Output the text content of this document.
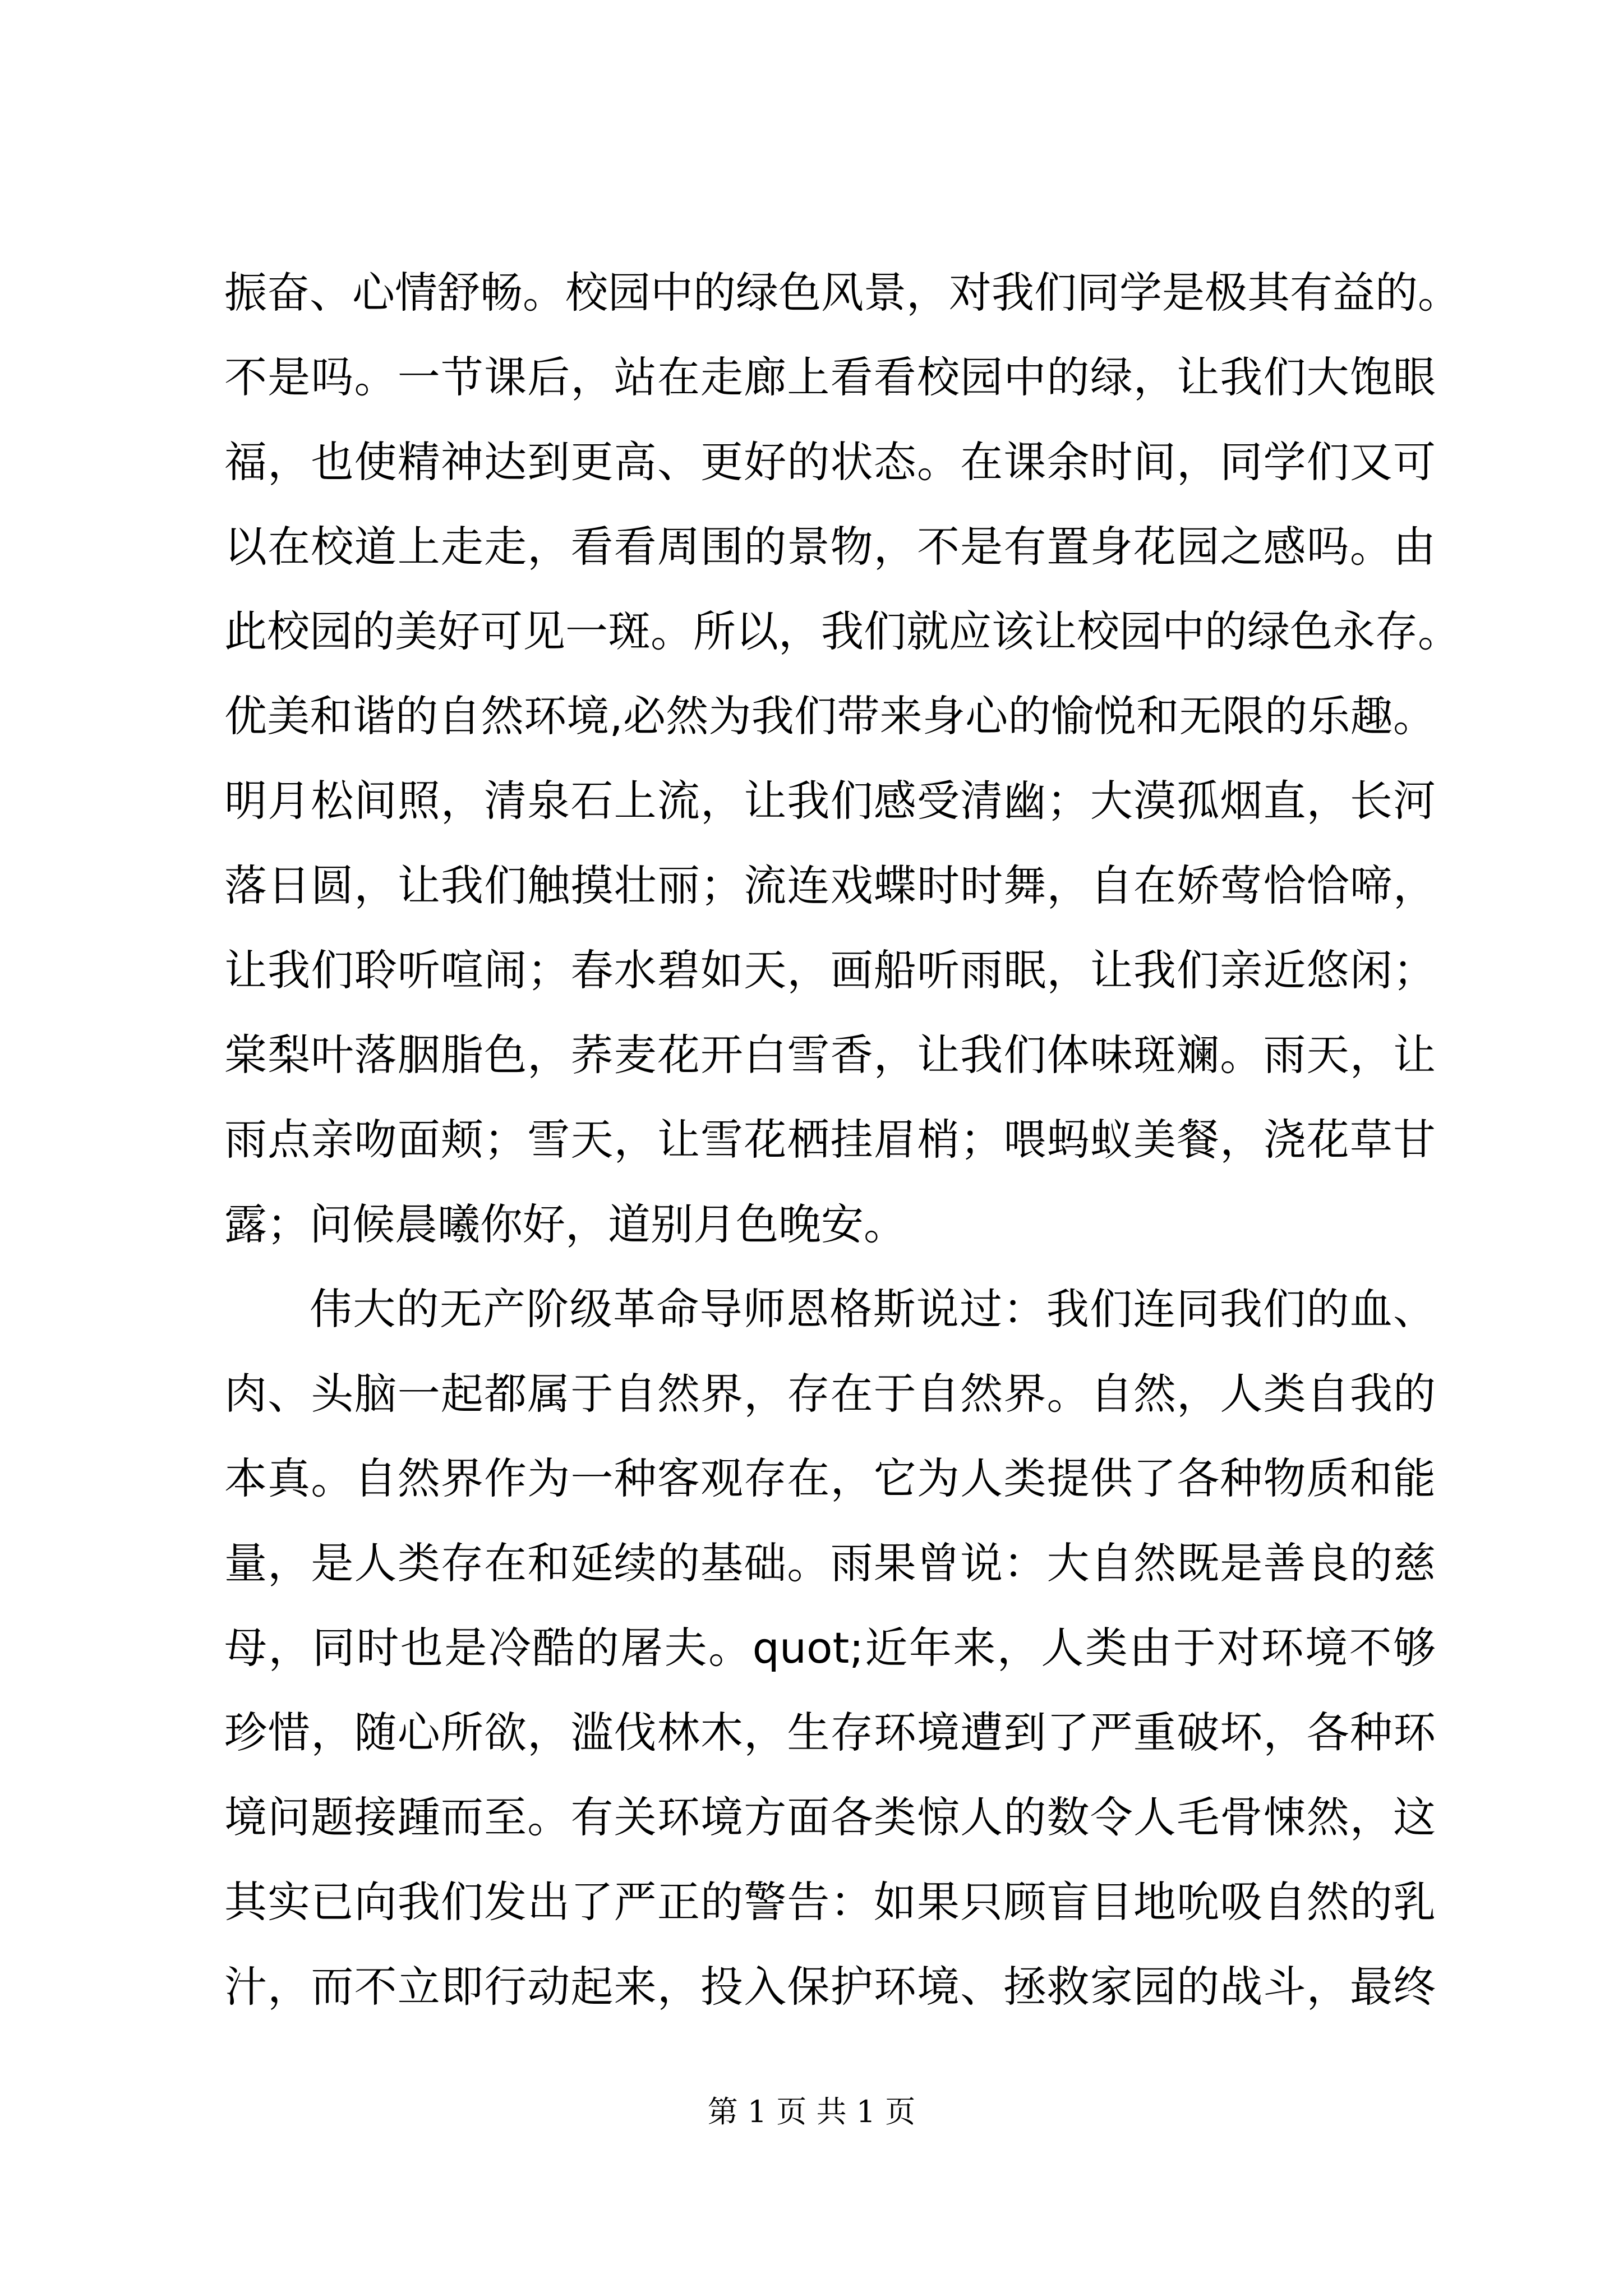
振奋、心情舒畅。校园中的绿色风景，对我们同学是极其有益的。
不是吗。一节课后，站在走廊上看看校园中的绿，让我们大饱眼
福，也使精神达到更高、更好的状态。在课余时间，同学们又可
以在校道上走走，看看周围的景物，不是有置身花园之感吗。由
此校园的美好可见一斑。所以，我们就应该让校园中的绿色永存。
优美和谐的自然环境,必然为我们带来身心的愉悦和无限的乐趣。
明月松间照，清泉石上流，让我们感受清幽；大漠孤烟直，长河
落日圆，让我们触摸壮丽；流连戏蝶时时舞，自在娇莺恰恰啼，
让我们聆听喧闹；春水碧如天，画船听雨眠，让我们亲近悠闲；
棠梨叶落胭脂色，荞麦花开白雪香，让我们体味斑斓。雨天，让
雨点亲吻面颊；雪天，让雪花栖挂眉梢；喂蚂蚁美餐，浇花草甘
露；问候晨曦你好，道别月色晚安。
伟大的无产阶级革命导师恩格斯说过：我们连同我们的血、
肉、头脑一起都属于自然界，存在于自然界。自然，人类自我的
本真。自然界作为一种客观存在，它为人类提供了各种物质和能
量，是人类存在和延续的基础。雨果曾说：大自然既是善良的慈
母，同时也是冷酷的屠夫。quot;近年来，人类由于对环境不够
珍惜，随心所欲，滥伐林木，生存环境遭到了严重破坏，各种环
境问题接踵而至。有关环境方面各类惊人的数令人毛骨悚然，这
其实已向我们发出了严正的警告：如果只顾盲目地吮吸自然的乳
汁，而不立即行动起来，投入保护环境、拯救家园的战斗，最终
第 1 页 共 1 页
